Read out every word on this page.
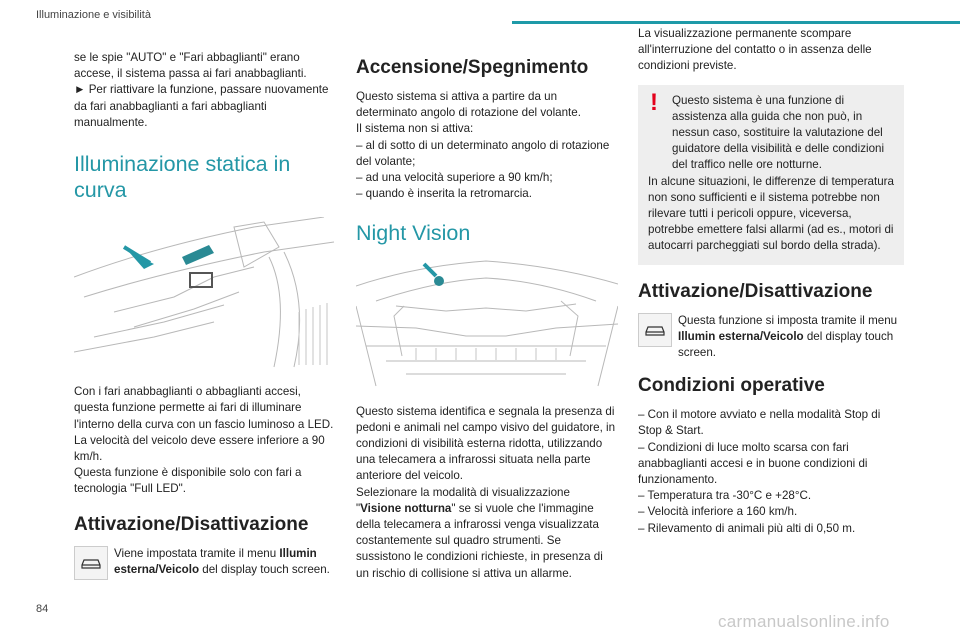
Illuminazione e visibilità

se le spie "AUTO" e "Fari abbaglianti" erano accese, il sistema passa ai fari anabbaglianti.

► Per riattivare la funzione, passare nuovamente da fari anabbaglianti a fari abbaglianti manualmente.

Illuminazione statica in curva

Con i fari anabbaglianti o abbaglianti accesi, questa funzione permette ai fari di illuminare l'interno della curva con un fascio luminoso a LED.

La velocità del veicolo deve essere inferiore a 90 km/h.

Questa funzione è disponibile solo con fari a tecnologia "Full LED".

Attivazione/Disattivazione

Viene impostata tramite il menu Illumin esterna/Veicolo del display touch screen.

Accensione/Spegnimento

Questo sistema si attiva a partire da un determinato angolo di rotazione del volante.

Il sistema non si attiva:

– al di sotto di un determinato angolo di rotazione del volante;

– ad una velocità superiore a 90 km/h;

– quando è inserita la retromarcia.

Night Vision

Questo sistema identifica e segnala la presenza di pedoni e animali nel campo visivo del guidatore, in condizioni di visibilità esterna ridotta, utilizzando una telecamera a infrarossi situata nella parte anteriore del veicolo.

Selezionare la modalità di visualizzazione "Visione notturna" se si vuole che l'immagine della telecamera a infrarossi venga visualizzata costantemente sul quadro strumenti. Se sussistono le condizioni richieste, in presenza di un rischio di collisione si attiva un allarme.

La visualizzazione permanente scompare all'interruzione del contatto o in assenza delle condizioni previste.

!	Questo sistema è una funzione di assistenza alla guida che non può, in nessun caso, sostituire la valutazione del guidatore della visibilità e delle condizioni del traffico nelle ore notturne.

In alcune situazioni, le differenze di temperatura non sono sufficienti e il sistema potrebbe non rilevare tutti i pericoli oppure, viceversa, potrebbe emettere falsi allarmi (ad es., motori di autocarri parcheggiati sul bordo della strada).

Attivazione/Disattivazione

Questa funzione si imposta tramite il menu Illumin esterna/Veicolo del display touch screen.

Condizioni operative

– Con il motore avviato e nella modalità Stop di Stop & Start.

– Condizioni di luce molto scarsa con fari anabbaglianti accesi e in buone condizioni di funzionamento.

– Temperatura tra -30°C e +28°C.

– Velocità inferiore a 160 km/h.

– Rilevamento di animali più alti di 0,50 m.

84
carmanualsonline.info
